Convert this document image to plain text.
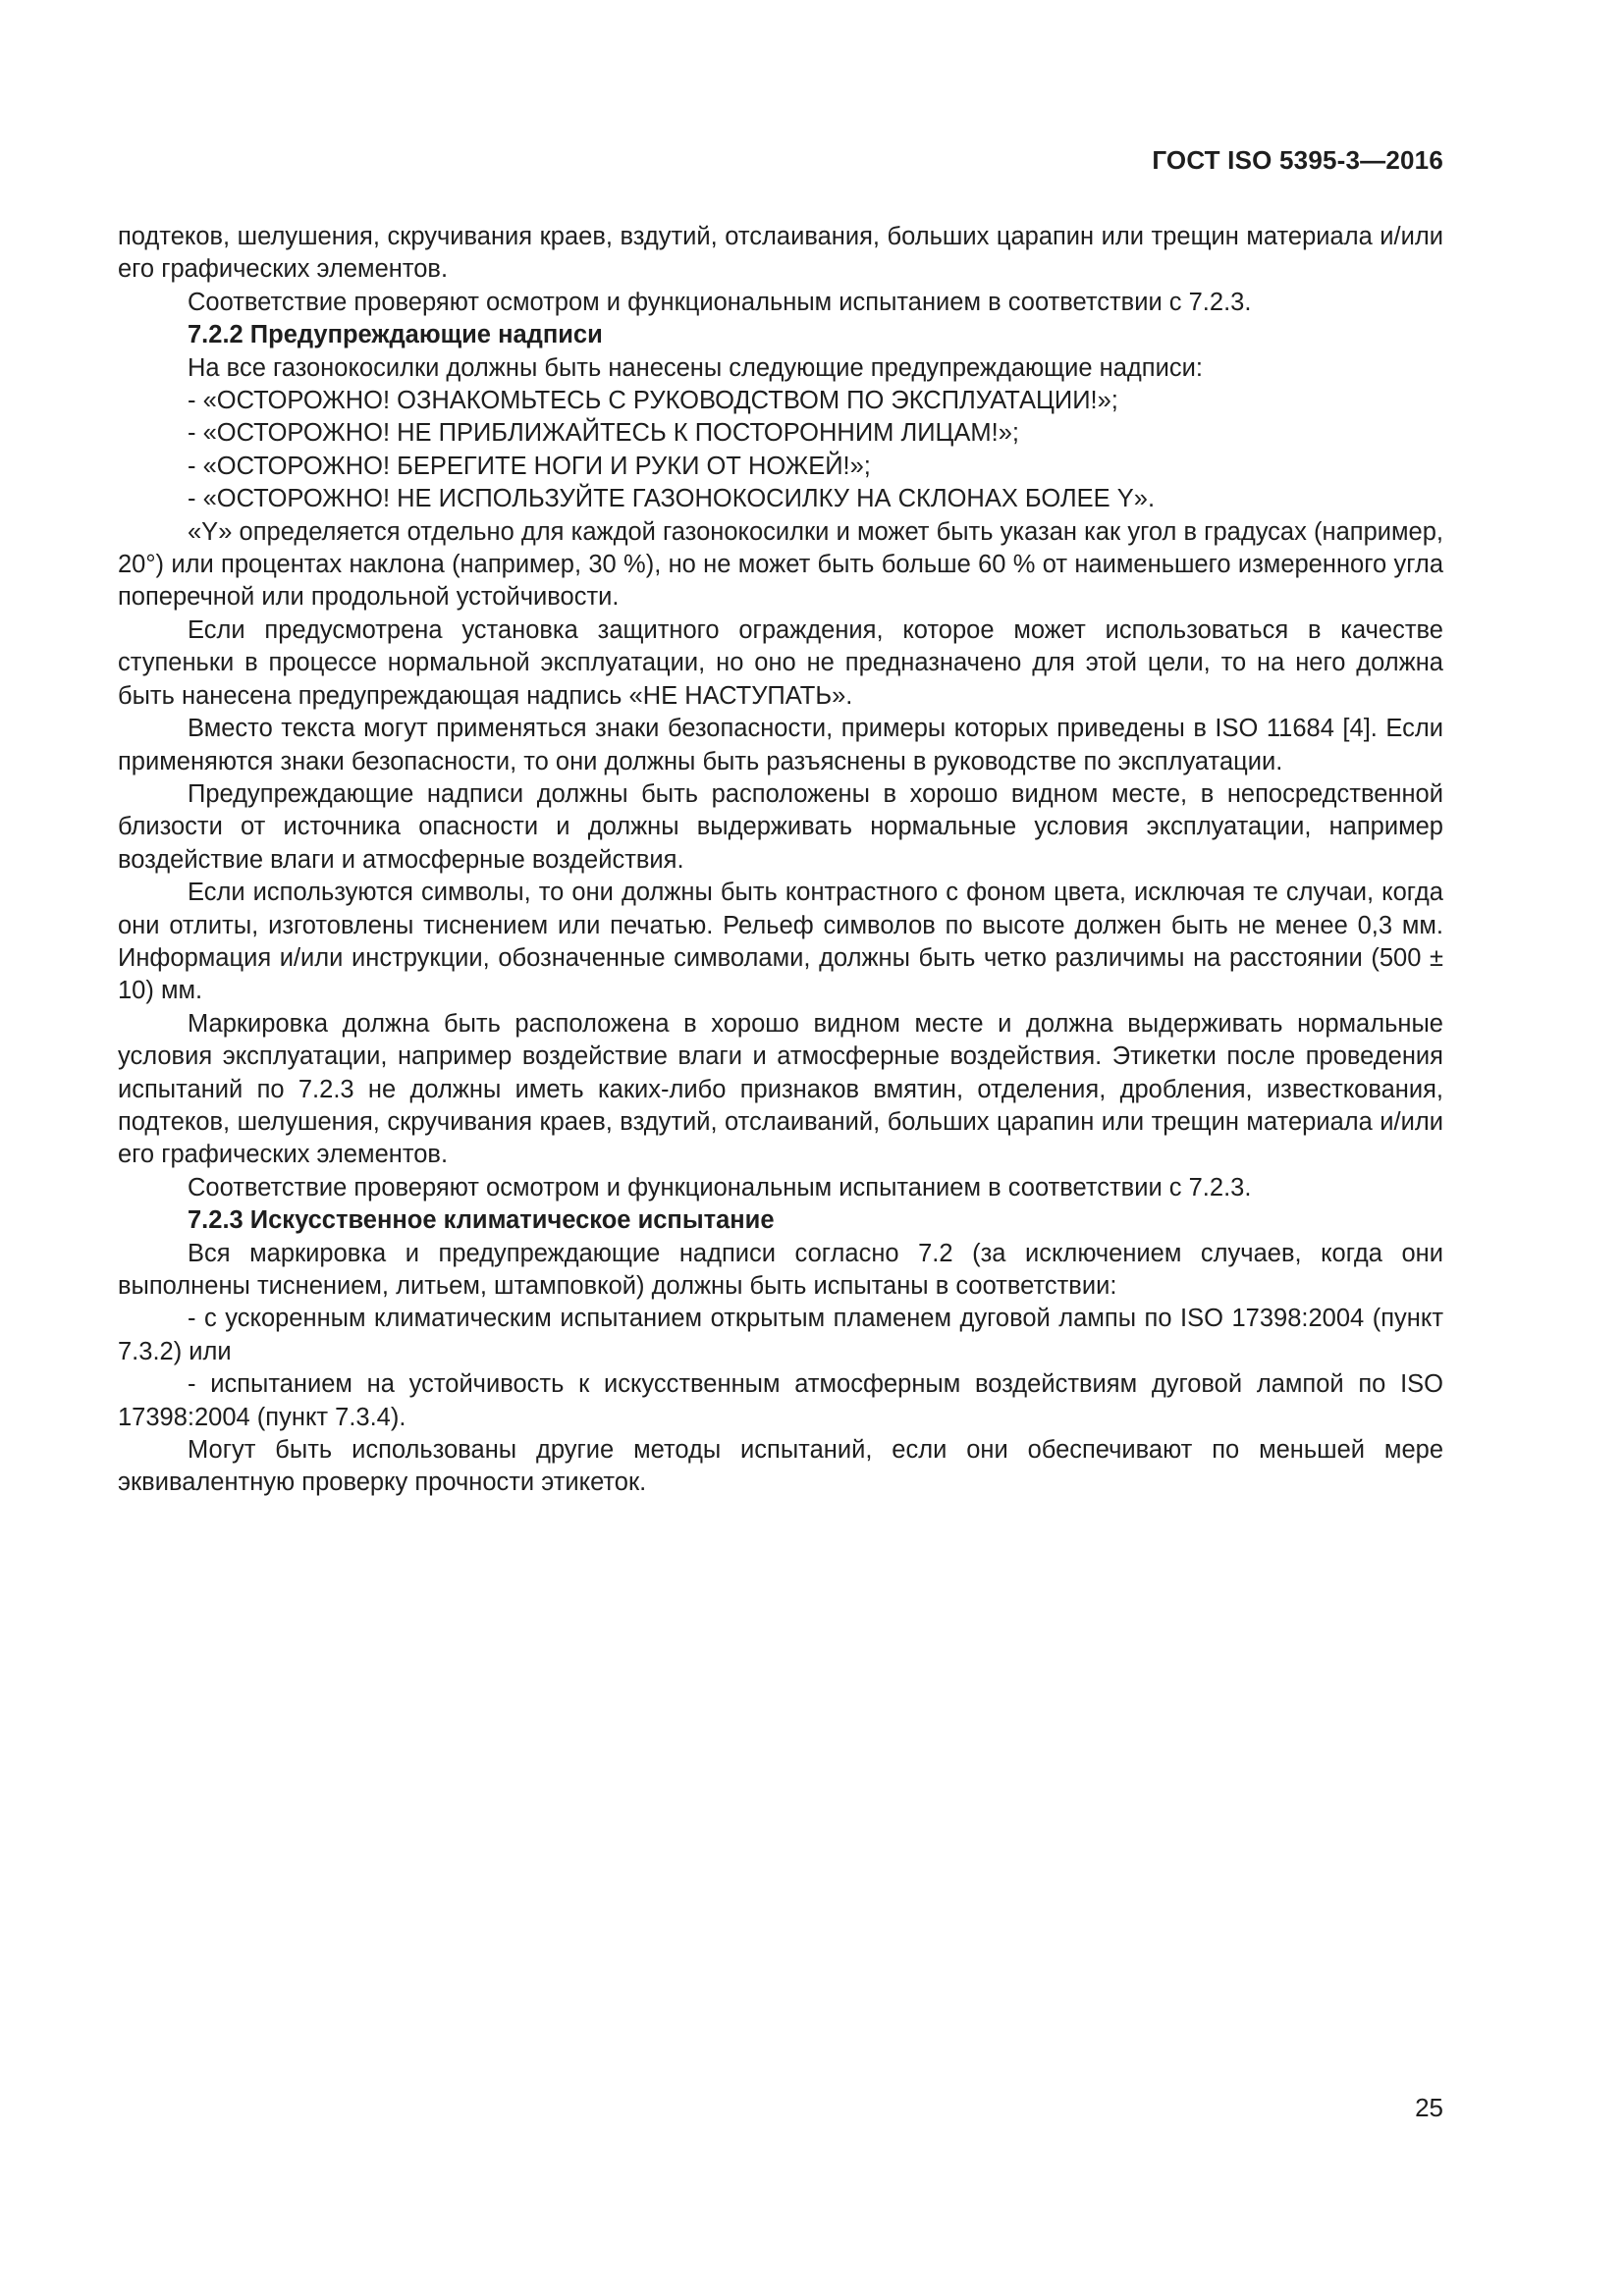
ГОСТ ISO 5395-3—2016

подтеков, шелушения, скручивания краев, вздутий, отслаивания, больших царапин или трещин материала и/или его графических элементов.

Соответствие проверяют осмотром и функциональным испытанием в соответствии с 7.2.3.

7.2.2 Предупреждающие надписи

На все газонокосилки должны быть нанесены следующие предупреждающие надписи:

- «ОСТОРОЖНО! ОЗНАКОМЬТЕСЬ С РУКОВОДСТВОМ ПО ЭКСПЛУАТАЦИИ!»;

- «ОСТОРОЖНО! НЕ ПРИБЛИЖАЙТЕСЬ К ПОСТОРОННИМ ЛИЦАМ!»;

- «ОСТОРОЖНО! БЕРЕГИТЕ НОГИ И РУКИ ОТ НОЖЕЙ!»;

- «ОСТОРОЖНО! НЕ ИСПОЛЬЗУЙТЕ ГАЗОНОКОСИЛКУ НА СКЛОНАХ БОЛЕЕ Y».

«Y» определяется отдельно для каждой газонокосилки и может быть указан как угол в градусах (например, 20°) или процентах наклона (например, 30 %), но не может быть больше 60 % от наименьшего измеренного угла поперечной или продольной устойчивости.

Если предусмотрена установка защитного ограждения, которое может использоваться в качестве ступеньки в процессе нормальной эксплуатации, но оно не предназначено для этой цели, то на него должна быть нанесена предупреждающая надпись «НЕ НАСТУПАТЬ».

Вместо текста могут применяться знаки безопасности, примеры которых приведены в ISO 11684 [4]. Если применяются знаки безопасности, то они должны быть разъяснены в руководстве по эксплуатации.

Предупреждающие надписи должны быть расположены в хорошо видном месте, в непосредственной близости от источника опасности и должны выдерживать нормальные условия эксплуатации, например воздействие влаги и атмосферные воздействия.

Если используются символы, то они должны быть контрастного с фоном цвета, исключая те случаи, когда они отлиты, изготовлены тиснением или печатью. Рельеф символов по высоте должен быть не менее 0,3 мм. Информация и/или инструкции, обозначенные символами, должны быть четко различимы на расстоянии (500 ± 10) мм.

Маркировка должна быть расположена в хорошо видном месте и должна выдерживать нормальные условия эксплуатации, например воздействие влаги и атмосферные воздействия. Этикетки после проведения испытаний по 7.2.3 не должны иметь каких-либо признаков вмятин, отделения, дробления, известкования, подтеков, шелушения, скручивания краев, вздутий, отслаиваний, больших царапин или трещин материала и/или его графических элементов.

Соответствие проверяют осмотром и функциональным испытанием в соответствии с 7.2.3.

7.2.3 Искусственное климатическое испытание

Вся маркировка и предупреждающие надписи согласно 7.2 (за исключением случаев, когда они выполнены тиснением, литьем, штамповкой) должны быть испытаны в соответствии:

- с ускоренным климатическим испытанием открытым пламенем дуговой лампы по ISO 17398:2004 (пункт 7.3.2) или

- испытанием на устойчивость к искусственным атмосферным воздействиям дуговой лампой по ISO 17398:2004 (пункт 7.3.4).

Могут быть использованы другие методы испытаний, если они обеспечивают по меньшей мере эквивалентную проверку прочности этикеток.

25
